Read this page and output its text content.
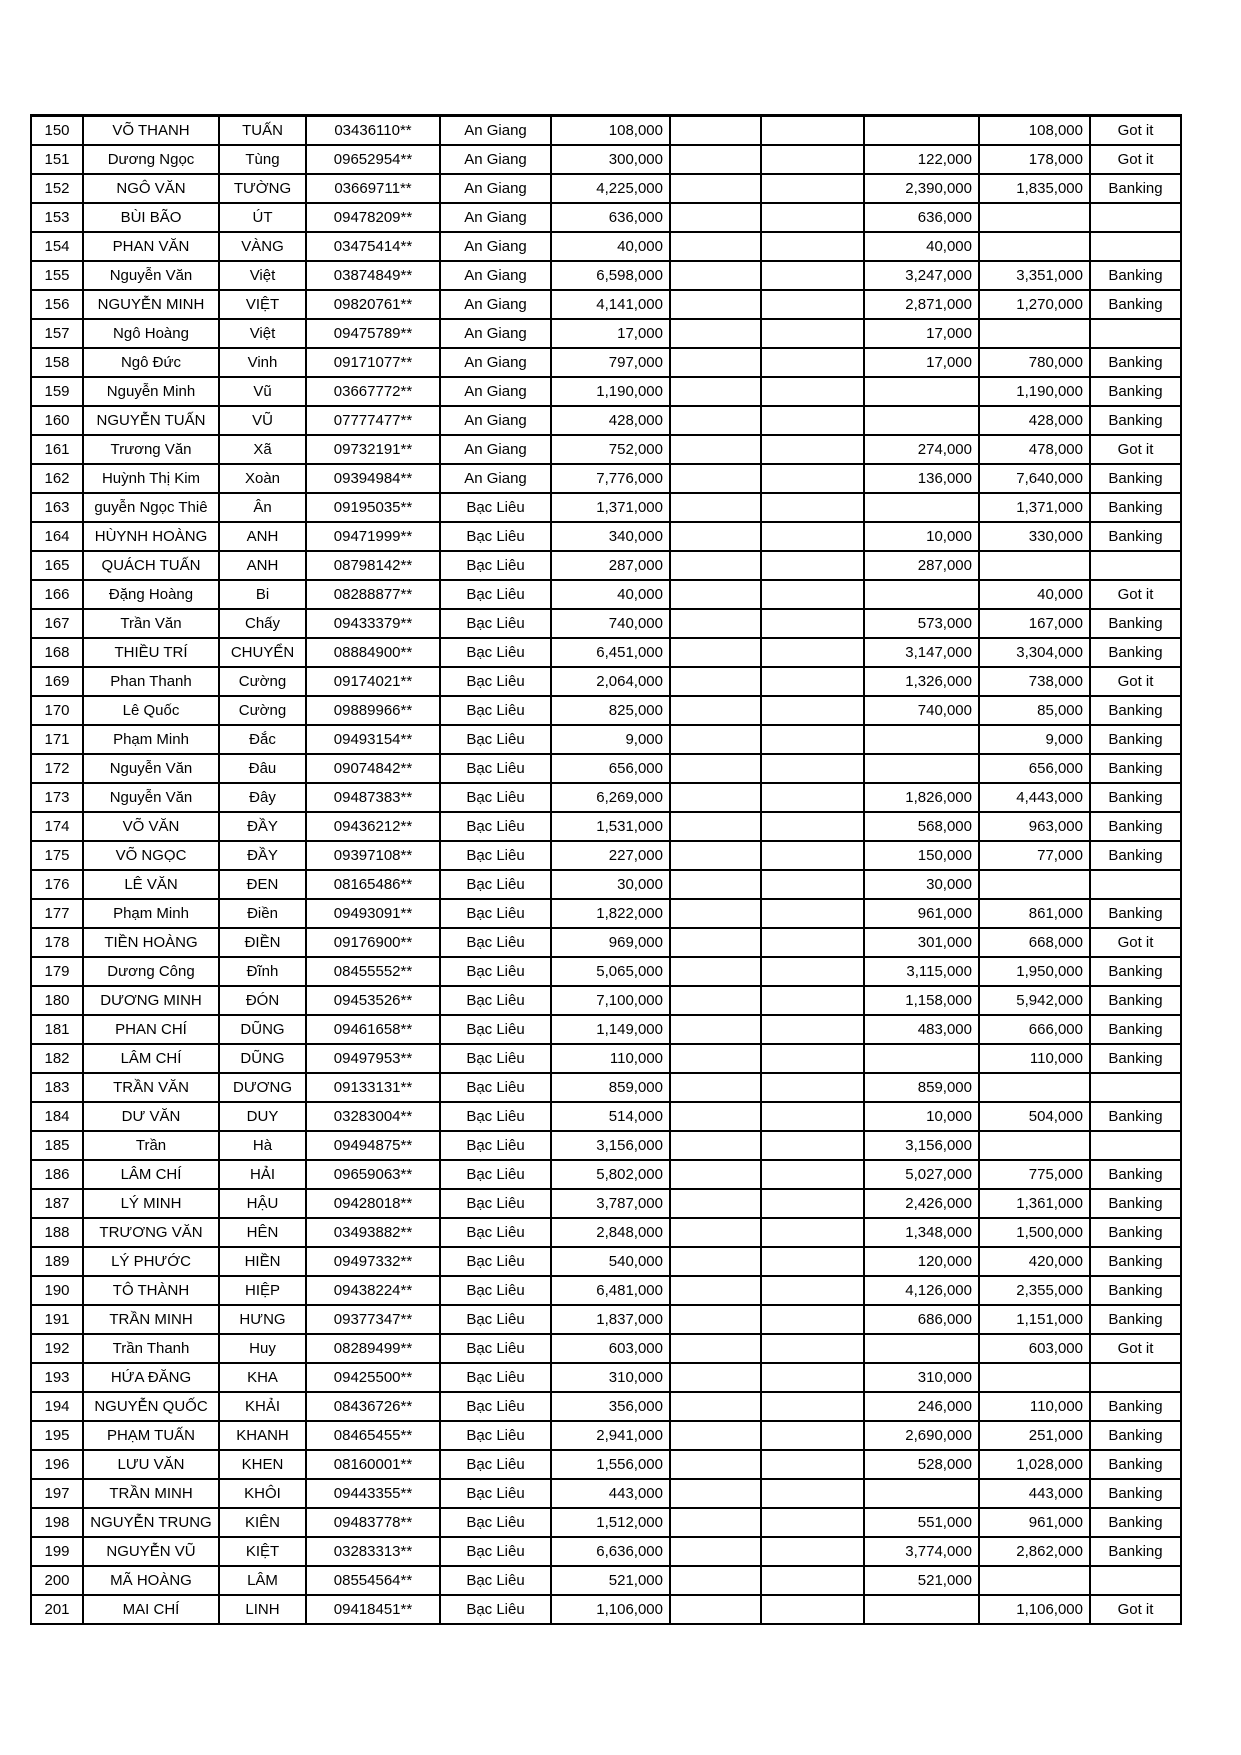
150	VÕ THANH	TUẤN	03436110**	An Giang	108,000				108,000	Got it
151	Dương Ngọc	Tùng	09652954**	An Giang	300,000			122,000	178,000	Got it
152	NGÔ VĂN	TƯỜNG	03669711**	An Giang	4,225,000			2,390,000	1,835,000	Banking
153	BÙI BÃO	ÚT	09478209**	An Giang	636,000			636,000		
154	PHAN VĂN	VÀNG	03475414**	An Giang	40,000			40,000		
155	Nguyễn Văn	Việt	03874849**	An Giang	6,598,000			3,247,000	3,351,000	Banking
156	NGUYỄN MINH	VIỆT	09820761**	An Giang	4,141,000			2,871,000	1,270,000	Banking
157	Ngô Hoàng	Việt	09475789**	An Giang	17,000			17,000		
158	Ngô Đức	Vinh	09171077**	An Giang	797,000			17,000	780,000	Banking
159	Nguyễn Minh	Vũ	03667772**	An Giang	1,190,000				1,190,000	Banking
160	NGUYỄN TUẤN	VŨ	07777477**	An Giang	428,000				428,000	Banking
161	Trương Văn	Xã	09732191**	An Giang	752,000			274,000	478,000	Got it
162	Huỳnh Thị Kim	Xoàn	09394984**	An Giang	7,776,000			136,000	7,640,000	Banking
163	guyễn Ngọc Thiê	Ân	09195035**	Bạc Liêu	1,371,000				1,371,000	Banking
164	HÙYNH HOÀNG	ANH	09471999**	Bạc Liêu	340,000			10,000	330,000	Banking
165	QUÁCH TUẤN	ANH	08798142**	Bạc Liêu	287,000			287,000		
166	Đặng Hoàng	Bi	08288877**	Bạc Liêu	40,000				40,000	Got it
167	Trần Văn	Chấy	09433379**	Bạc Liêu	740,000			573,000	167,000	Banking
168	THIỀU TRÍ	CHUYỂN	08884900**	Bạc Liêu	6,451,000			3,147,000	3,304,000	Banking
169	Phan Thanh	Cường	09174021**	Bạc Liêu	2,064,000			1,326,000	738,000	Got it
170	Lê Quốc	Cường	09889966**	Bạc Liêu	825,000			740,000	85,000	Banking
171	Phạm Minh	Đắc	09493154**	Bạc Liêu	9,000				9,000	Banking
172	Nguyễn Văn	Đâu	09074842**	Bạc Liêu	656,000				656,000	Banking
173	Nguyễn Văn	Đây	09487383**	Bạc Liêu	6,269,000			1,826,000	4,443,000	Banking
174	VÕ VĂN	ĐẦY	09436212**	Bạc Liêu	1,531,000			568,000	963,000	Banking
175	VÕ NGỌC	ĐẦY	09397108**	Bạc Liêu	227,000			150,000	77,000	Banking
176	LÊ VĂN	ĐEN	08165486**	Bạc Liêu	30,000			30,000		
177	Phạm Minh	Điền	09493091**	Bạc Liêu	1,822,000			961,000	861,000	Banking
178	TIỀN HOÀNG	ĐIỀN	09176900**	Bạc Liêu	969,000			301,000	668,000	Got it
179	Dương Công	Đĩnh	08455552**	Bạc Liêu	5,065,000			3,115,000	1,950,000	Banking
180	DƯƠNG MINH	ĐÓN	09453526**	Bạc Liêu	7,100,000			1,158,000	5,942,000	Banking
181	PHAN CHÍ	DŨNG	09461658**	Bạc Liêu	1,149,000			483,000	666,000	Banking
182	LÂM CHÍ	DŨNG	09497953**	Bạc Liêu	110,000				110,000	Banking
183	TRẦN VĂN	DƯƠNG	09133131**	Bạc Liêu	859,000			859,000		
184	DƯ VĂN	DUY	03283004**	Bạc Liêu	514,000			10,000	504,000	Banking
185	Trần	Hà	09494875**	Bạc Liêu	3,156,000			3,156,000		
186	LÂM CHÍ	HẢI	09659063**	Bạc Liêu	5,802,000			5,027,000	775,000	Banking
187	LÝ MINH	HẬU	09428018**	Bạc Liêu	3,787,000			2,426,000	1,361,000	Banking
188	TRƯƠNG VĂN	HÊN	03493882**	Bạc Liêu	2,848,000			1,348,000	1,500,000	Banking
189	LÝ PHƯỚC	HIỀN	09497332**	Bạc Liêu	540,000			120,000	420,000	Banking
190	TÔ THÀNH	HIỆP	09438224**	Bạc Liêu	6,481,000			4,126,000	2,355,000	Banking
191	TRẦN MINH	HƯNG	09377347**	Bạc Liêu	1,837,000			686,000	1,151,000	Banking
192	Trần Thanh	Huy	08289499**	Bạc Liêu	603,000				603,000	Got it
193	HỨA ĐĂNG	KHA	09425500**	Bạc Liêu	310,000			310,000		
194	NGUYỄN QUỐC	KHẢI	08436726**	Bạc Liêu	356,000			246,000	110,000	Banking
195	PHẠM TUẤN	KHANH	08465455**	Bạc Liêu	2,941,000			2,690,000	251,000	Banking
196	LƯU VĂN	KHEN	08160001**	Bạc Liêu	1,556,000			528,000	1,028,000	Banking
197	TRẦN MINH	KHÔI	09443355**	Bạc Liêu	443,000				443,000	Banking
198	NGUYỄN TRUNG	KIÊN	09483778**	Bạc Liêu	1,512,000			551,000	961,000	Banking
199	NGUYỄN VŨ	KIỆT	03283313**	Bạc Liêu	6,636,000			3,774,000	2,862,000	Banking
200	MÃ HOÀNG	LÂM	08554564**	Bạc Liêu	521,000			521,000		
201	MAI CHÍ	LINH	09418451**	Bạc Liêu	1,106,000				1,106,000	Got it
